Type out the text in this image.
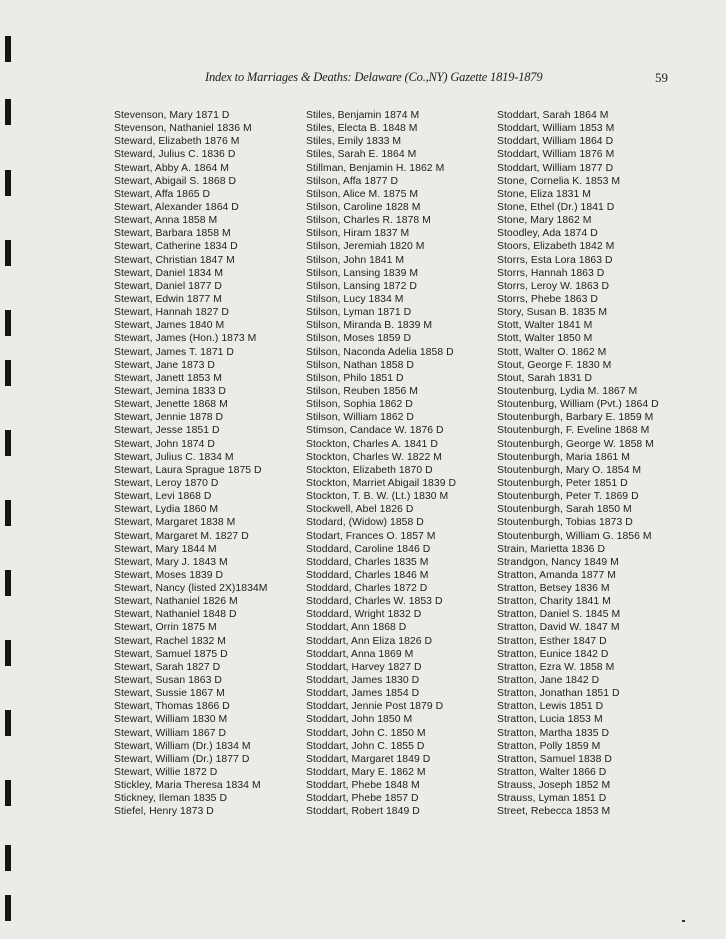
Index to Marriages & Deaths: Delaware (Co.,NY) Gazette 1819-1879	59
Stevenson, Mary 1871 D
Stevenson, Nathaniel 1836 M
Steward, Elizabeth 1876 M
Steward, Julius C. 1836 D
Stewart, Abby A. 1864 M
Stewart, Abigail S. 1868 D
Stewart, Affa 1865 D
Stewart, Alexander 1864 D
Stewart, Anna 1858 M
Stewart, Barbara 1858 M
Stewart, Catherine 1834 D
Stewart, Christian 1847 M
Stewart, Daniel 1834 M
Stewart, Daniel 1877 D
Stewart, Edwin 1877 M
Stewart, Hannah 1827 D
Stewart, James 1840 M
Stewart, James (Hon.) 1873 M
Stewart, James T. 1871 D
Stewart, Jane 1873 D
Stewart, Janett 1853 M
Stewart, Jemina 1833 D
Stewart, Jenette 1868 M
Stewart, Jennie 1878 D
Stewart, Jesse 1851 D
Stewart, John 1874 D
Stewart, Julius C. 1834 M
Stewart, Laura Sprague 1875 D
Stewart, Leroy 1870 D
Stewart, Levi 1868 D
Stewart, Lydia 1860 M
Stewart, Margaret 1838 M
Stewart, Margaret M. 1827 D
Stewart, Mary 1844 M
Stewart, Mary J. 1843 M
Stewart, Moses 1839 D
Stewart, Nancy (listed 2X)1834M
Stewart, Nathaniel 1826 M
Stewart, Nathaniel 1848 D
Stewart, Orrin 1875 M
Stewart, Rachel 1832 M
Stewart, Samuel 1875 D
Stewart, Sarah 1827 D
Stewart, Susan 1863 D
Stewart, Sussie 1867 M
Stewart, Thomas 1866 D
Stewart, William 1830 M
Stewart, William 1867 D
Stewart, William (Dr.) 1834 M
Stewart, William (Dr.) 1877 D
Stewart, Willie 1872 D
Stickley, Maria Theresa 1834 M
Stickney, Ileman 1835 D
Stiefel, Henry 1873 D
Stiles, Benjamin 1874 M
Stiles, Electa B. 1848 M
Stiles, Emily 1833 M
Stiles, Sarah E. 1864 M
Stillman, Benjamin H. 1862 M
Stilson, Affa 1877 D
Stilson, Alice M. 1875 M
Stilson, Caroline 1828 M
Stilson, Charles R. 1878 M
Stilson, Hiram 1837 M
Stilson, Jeremiah 1820 M
Stilson, John 1841 M
Stilson, Lansing 1839 M
Stilson, Lansing 1872 D
Stilson, Lucy 1834 M
Stilson, Lyman 1871 D
Stilson, Miranda B. 1839 M
Stilson, Moses 1859 D
Stilson, Naconda Adelia 1858 D
Stilson, Nathan 1858 D
Stilson, Philo 1851 D
Stilson, Reuben 1856 M
Stilson, Sophia 1862 D
Stilson, William 1862 D
Stimson, Candace W. 1876 D
Stockton, Charles A. 1841 D
Stockton, Charles W. 1822 M
Stockton, Elizabeth 1870 D
Stockton, Marriet Abigail 1839 D
Stockton, T. B. W. (Lt.) 1830 M
Stockwell, Abel 1826 D
Stodard, (Widow) 1858 D
Stodart, Frances O. 1857 M
Stoddard, Caroline 1846 D
Stoddard, Charles 1835 M
Stoddard, Charles 1846 M
Stoddard, Charles 1872 D
Stoddard, Charles W. 1853 D
Stoddard, Wright 1832 D
Stoddart, Ann 1868 D
Stoddart, Ann Eliza 1826 D
Stoddart, Anna 1869 M
Stoddart, Harvey 1827 D
Stoddart, James 1830 D
Stoddart, James 1854 D
Stoddart, Jennie Post 1879 D
Stoddart, John 1850 M
Stoddart, John C. 1850 M
Stoddart, John C. 1855 D
Stoddart, Margaret 1849 D
Stoddart, Mary E. 1862 M
Stoddart, Phebe 1848 M
Stoddart, Phebe 1857 D
Stoddart, Robert 1849 D
Stoddart, Sarah 1864 M
Stoddart, William 1853 M
Stoddart, William 1864 D
Stoddart, William 1876 M
Stoddart, William 1877 D
Stone, Cornelia K. 1853 M
Stone, Eliza 1831 M
Stone, Ethel (Dr.) 1841 D
Stone, Mary 1862 M
Stoodley, Ada 1874 D
Stoors, Elizabeth 1842 M
Storrs, Esta Lora 1863 D
Storrs, Hannah 1863 D
Storrs, Leroy W. 1863 D
Storrs, Phebe 1863 D
Story, Susan B. 1835 M
Stott, Walter 1841 M
Stott, Walter 1850 M
Stott, Walter O. 1862 M
Stout, George F. 1830 M
Stout, Sarah 1831 D
Stoutenburg, Lydia M. 1867 M
Stoutenburg, William (Pvt.) 1864 D
Stoutenburgh, Barbary E. 1859 M
Stoutenburgh, F. Eveline 1868 M
Stoutenburgh, George W. 1858 M
Stoutenburgh, Maria 1861 M
Stoutenburgh, Mary O. 1854 M
Stoutenburgh, Peter 1851 D
Stoutenburgh, Peter T. 1869 D
Stoutenburgh, Sarah 1850 M
Stoutenburgh, Tobias 1873 D
Stoutenburgh, William G. 1856 M
Strain, Marietta 1836 D
Strandgon, Nancy 1849 M
Stratton, Amanda 1877 M
Stratton, Betsey 1836 M
Stratton, Charity 1841 M
Stratton, Daniel S. 1845 M
Stratton, David W. 1847 M
Stratton, Esther 1847 D
Stratton, Eunice 1842 D
Stratton, Ezra W. 1858 M
Stratton, Jane 1842 D
Stratton, Jonathan 1851 D
Stratton, Lewis 1851 D
Stratton, Lucia 1853 M
Stratton, Martha 1835 D
Stratton, Polly 1859 M
Stratton, Samuel 1838 D
Stratton, Walter 1866 D
Strauss, Joseph 1852 M
Strauss, Lyman 1851 D
Street, Rebecca 1853 M
